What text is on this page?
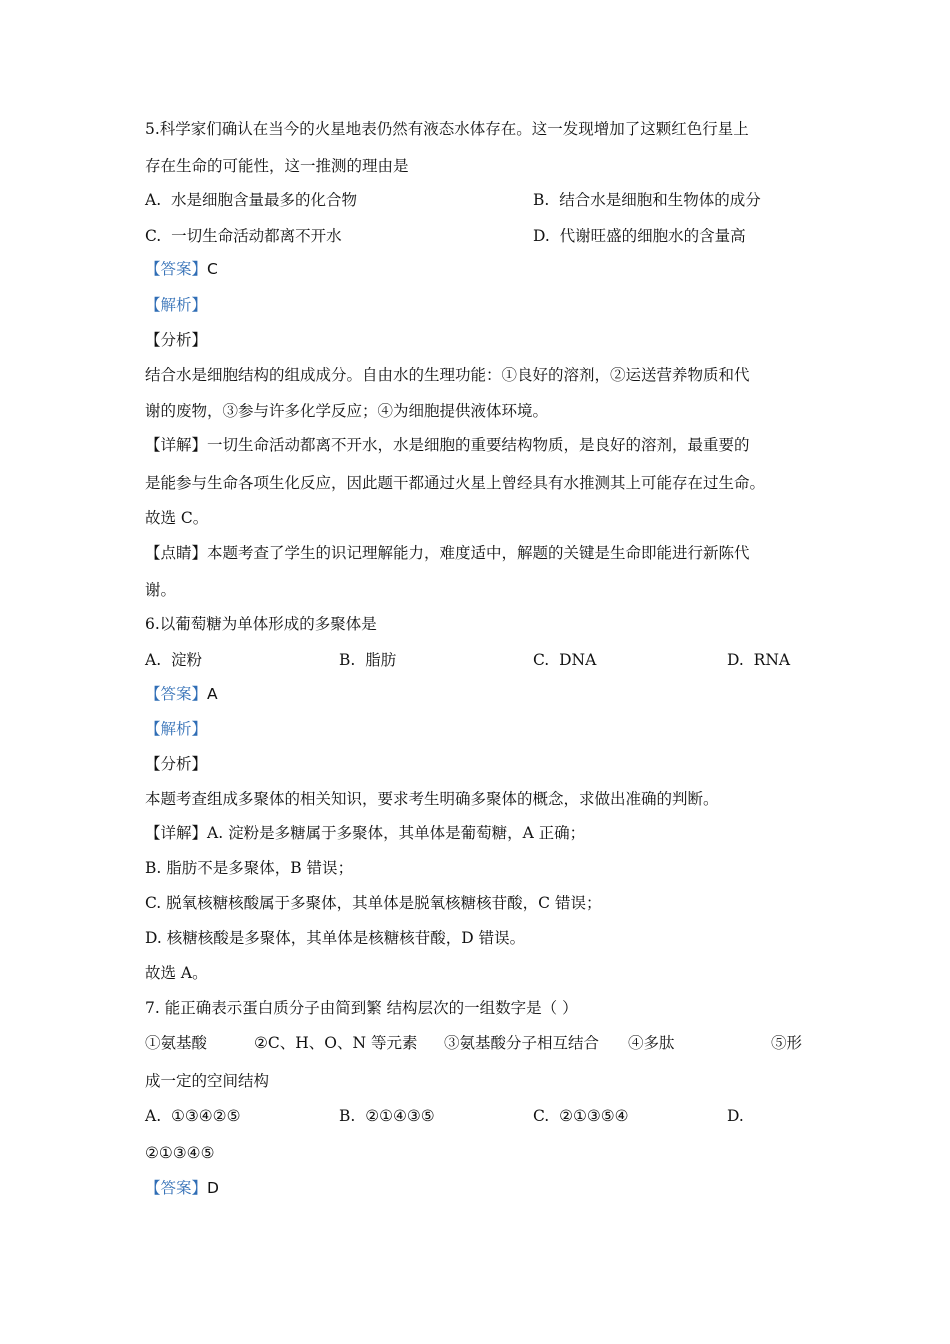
5.科学家们确认在当今的火星地表仍然有液态水体存在。这一发现增加了这颗红色行星上
存在生命的可能性，这一推测的理由是
A. 水是细胞含量最多的化合物	B. 结合水是细胞和生物体的成分
C. 一切生命活动都离不开水	D. 代谢旺盛的细胞水的含量高
【答案】C
【解析】
【分析】
结合水是细胞结构的组成成分。自由水的生理功能：①良好的溶剂，②运送营养物质和代
谢的废物，③参与许多化学反应；④为细胞提供液体环境。
【详解】一切生命活动都离不开水，水是细胞的重要结构物质，是良好的溶剂，最重要的
是能参与生命各项生化反应，因此题干都通过火星上曾经具有水推测其上可能存在过生命。
故选 C。
【点睛】本题考查了学生的识记理解能力，难度适中，解题的关键是生命即能进行新陈代
谢。
6.以葡萄糖为单体形成的多聚体是
A. 淀粉	B. 脂肪	C. DNA	D. RNA
【答案】A
【解析】
【分析】
本题考查组成多聚体的相关知识，要求考生明确多聚体的概念，求做出准确的判断。
【详解】A. 淀粉是多糖属于多聚体，其单体是葡萄糖，A 正确；
B. 脂肪不是多聚体，B 错误；
C. 脱氧核糖核酸属于多聚体，其单体是脱氧核糖核苷酸，C 错误；
D. 核糖核酸是多聚体，其单体是核糖核苷酸，D 错误。
故选 A。
7. 能正确表示蛋白质分子由简到繁 结构层次的一组数字是（ ）
①氨基酸	②C、H、O、N 等元素 ③氨基酸分子相互结合 ④多肽	⑤形
成一定的空间结构
A. ①③④②⑤	B. ②①④③⑤	C. ②①③⑤④	D.
②①③④⑤
【答案】D
